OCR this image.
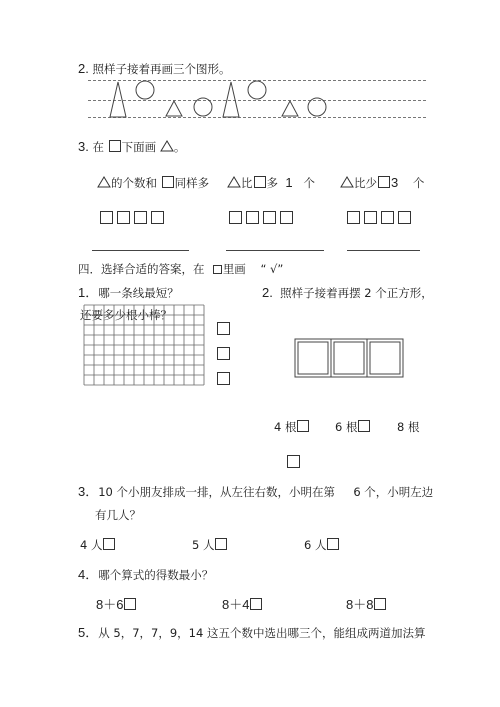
2. 照样子接着再画三个图形。
3. 在 下面画 。
的个数和 同样多	比 多 1 个	比少 3 个
四．选择合适的答案，在 里画 “ √”
1．哪一条线最短？	2. 照样子接着再摆 2 个正方形，
还要多少根小棒？
4 根	6 根	8 根
3．10 个小朋友排成一排，从左往右数，小明在第 6 个，小明左边
有几人？
4 人	5 人	6 人
4．哪个算式的得数最小？
8＋6	8＋4	8＋8
5．从 5，7，7，9，14 这五个数中选出哪三个，能组成两道加法算
